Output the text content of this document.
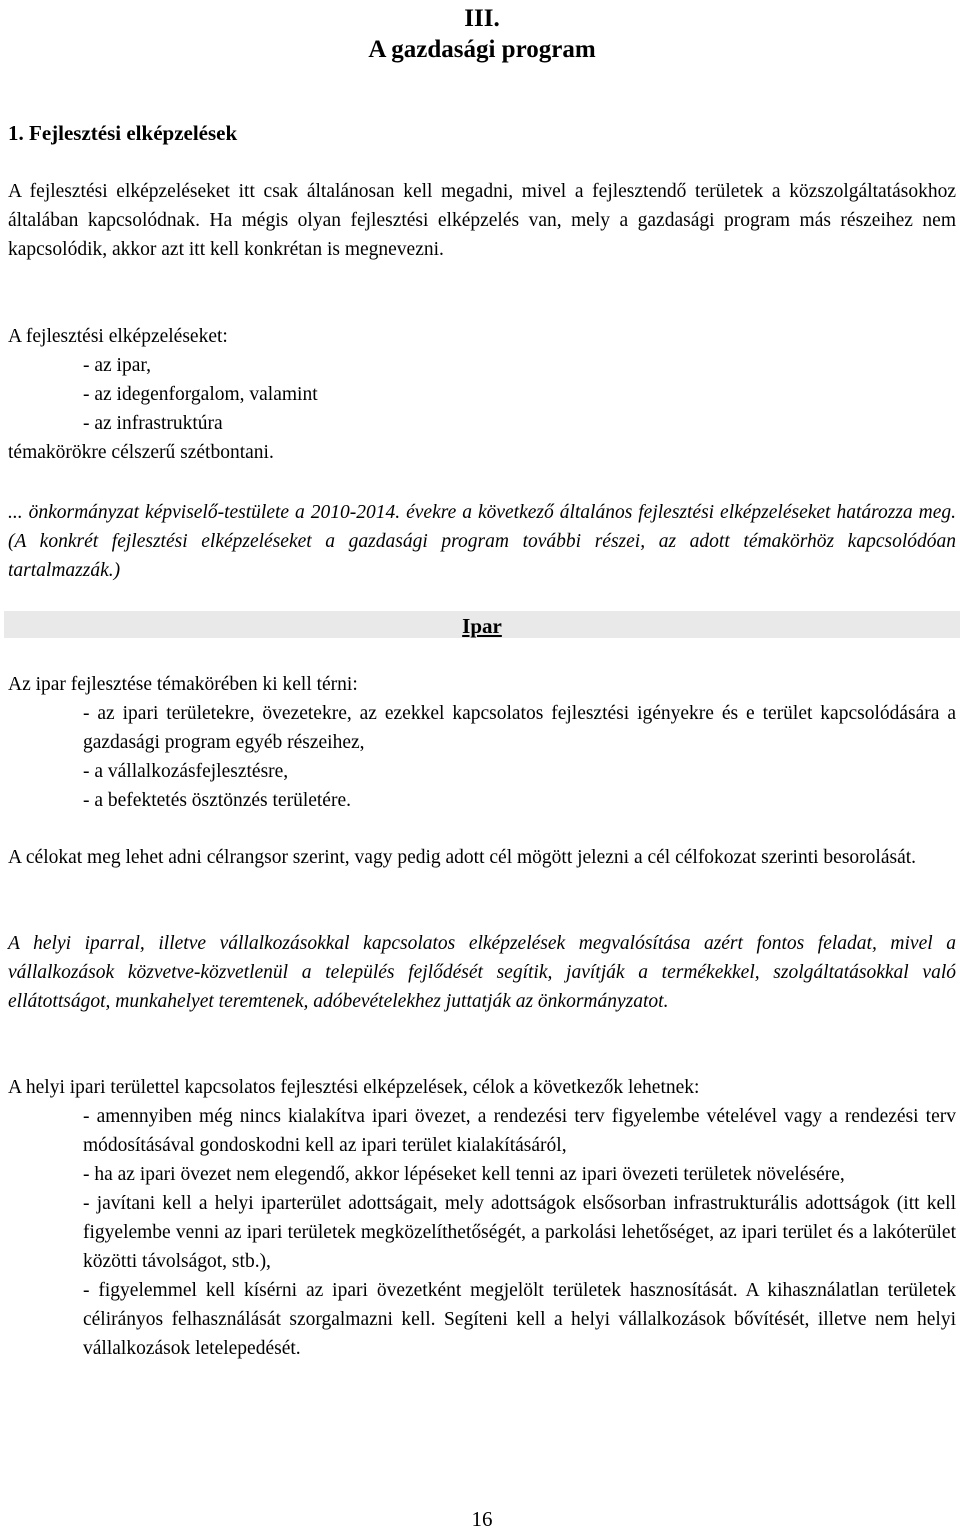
III.
A gazdasági program
1. Fejlesztési elképzelések

A fejlesztési elképzeléseket itt csak általánosan kell megadni, mivel a fejlesztendő területek a közszolgáltatásokhoz általában kapcsolódnak. Ha mégis olyan fejlesztési elképzelés van, mely a gazdasági program más részeihez nem kapcsolódik, akkor azt itt kell konkrétan is megnevezni.

A fejlesztési elképzeléseket:
- az ipar,
- az idegenforgalom, valamint
- az infrastruktúra
témakörökre célszerű szétbontani.

... önkormányzat képviselő-testülete a 2010-2014. évekre a következő általános fejlesztési elképzeléseket határozza meg. (A konkrét fejlesztési elképzeléseket a gazdasági program további részei, az adott témakörhöz kapcsolódóan tartalmazzák.)

Ipar
Az ipar fejlesztése témakörében ki kell térni:

- az ipari területekre, övezetekre, az ezekkel kapcsolatos fejlesztési igényekre és e terület kapcsolódására a gazdasági program egyéb részeihez,

- a vállalkozásfejlesztésre,
- a befektetés ösztönzés területére.

A célokat meg lehet adni célrangsor szerint, vagy pedig adott cél mögött jelezni a cél célfokozat szerinti besorolását.

A helyi iparral, illetve vállalkozásokkal kapcsolatos elképzelések megvalósítása azért fontos feladat, mivel a vállalkozások közvetve-közvetlenül a település fejlődését segítik, javítják a termékekkel, szolgáltatásokkal való ellátottságot, munkahelyet teremtenek, adóbevételekhez juttatják az önkormányzatot.

A helyi ipari területtel kapcsolatos fejlesztési elképzelések, célok a következők lehetnek:

- amennyiben még nincs kialakítva ipari övezet, a rendezési terv figyelembe vételével vagy a rendezési terv módosításával gondoskodni kell az ipari terület kialakításáról,

- ha az ipari övezet nem elegendő, akkor lépéseket kell tenni az ipari övezeti területek növelésére,

- javítani kell a helyi iparterület adottságait, mely adottságok elsősorban infrastrukturális adottságok (itt kell figyelembe venni az ipari területek megközelíthetőségét, a parkolási lehetőséget, az ipari terület és a lakóterület közötti távolságot, stb.),

- figyelemmel kell kísérni az ipari övezetként megjelölt területek hasznosítását. A kihasználatlan területek célirányos felhasználását szorgalmazni kell. Segíteni kell a helyi vállalkozások bővítését, illetve nem helyi vállalkozások letelepedését.

16
